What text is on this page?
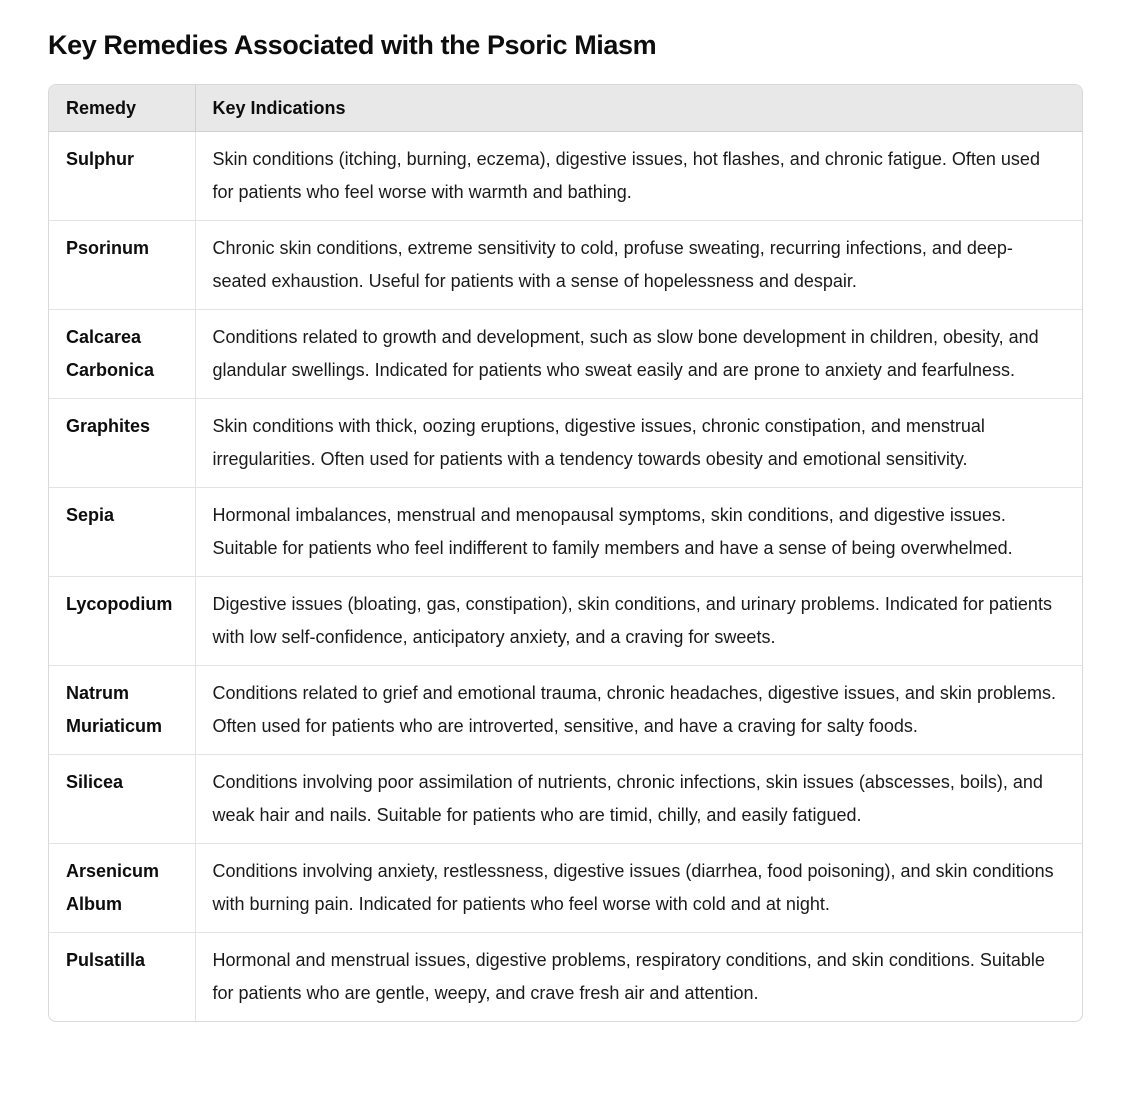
Key Remedies Associated with the Psoric Miasm
Remedy	Key Indications
Sulphur	Skin conditions (itching, burning, eczema), digestive issues, hot flashes, and chronic fatigue. Often used for patients who feel worse with warmth and bathing.
Psorinum	Chronic skin conditions, extreme sensitivity to cold, profuse sweating, recurring infections, and deep-seated exhaustion. Useful for patients with a sense of hopelessness and despair.
Calcarea Carbonica	Conditions related to growth and development, such as slow bone development in children, obesity, and glandular swellings. Indicated for patients who sweat easily and are prone to anxiety and fearfulness.
Graphites	Skin conditions with thick, oozing eruptions, digestive issues, chronic constipation, and menstrual irregularities. Often used for patients with a tendency towards obesity and emotional sensitivity.
Sepia	Hormonal imbalances, menstrual and menopausal symptoms, skin conditions, and digestive issues. Suitable for patients who feel indifferent to family members and have a sense of being overwhelmed.
Lycopodium	Digestive issues (bloating, gas, constipation), skin conditions, and urinary problems. Indicated for patients with low self-confidence, anticipatory anxiety, and a craving for sweets.
Natrum Muriaticum	Conditions related to grief and emotional trauma, chronic headaches, digestive issues, and skin problems. Often used for patients who are introverted, sensitive, and have a craving for salty foods.
Silicea	Conditions involving poor assimilation of nutrients, chronic infections, skin issues (abscesses, boils), and weak hair and nails. Suitable for patients who are timid, chilly, and easily fatigued.
Arsenicum Album	Conditions involving anxiety, restlessness, digestive issues (diarrhea, food poisoning), and skin conditions with burning pain. Indicated for patients who feel worse with cold and at night.
Pulsatilla	Hormonal and menstrual issues, digestive problems, respiratory conditions, and skin conditions. Suitable for patients who are gentle, weepy, and crave fresh air and attention.
